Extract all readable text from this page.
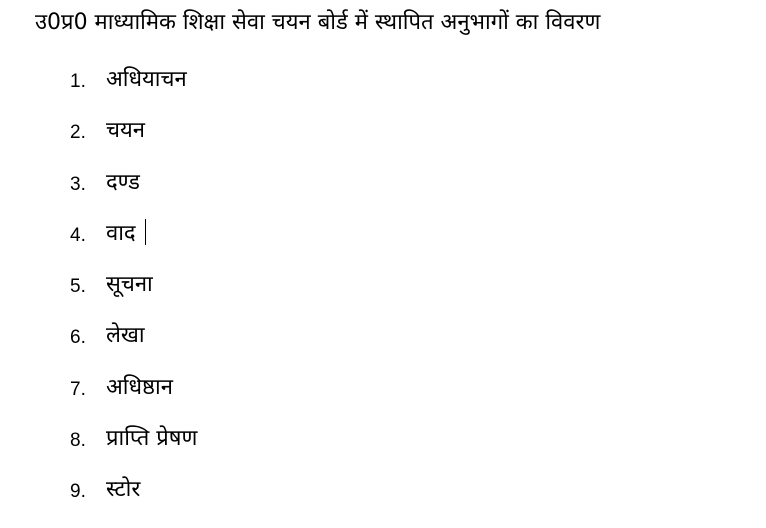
उ0प्र0 माध्यामिक शिक्षा सेवा चयन बोर्ड में स्थापित अनुभागों का विवरण
1. अधियाचन
2. चयन
3. दण्ड
4. वाद
5. सूचना
6. लेखा
7. अधिष्ठान
8. प्राप्ति प्रेषण
9. स्टोर
